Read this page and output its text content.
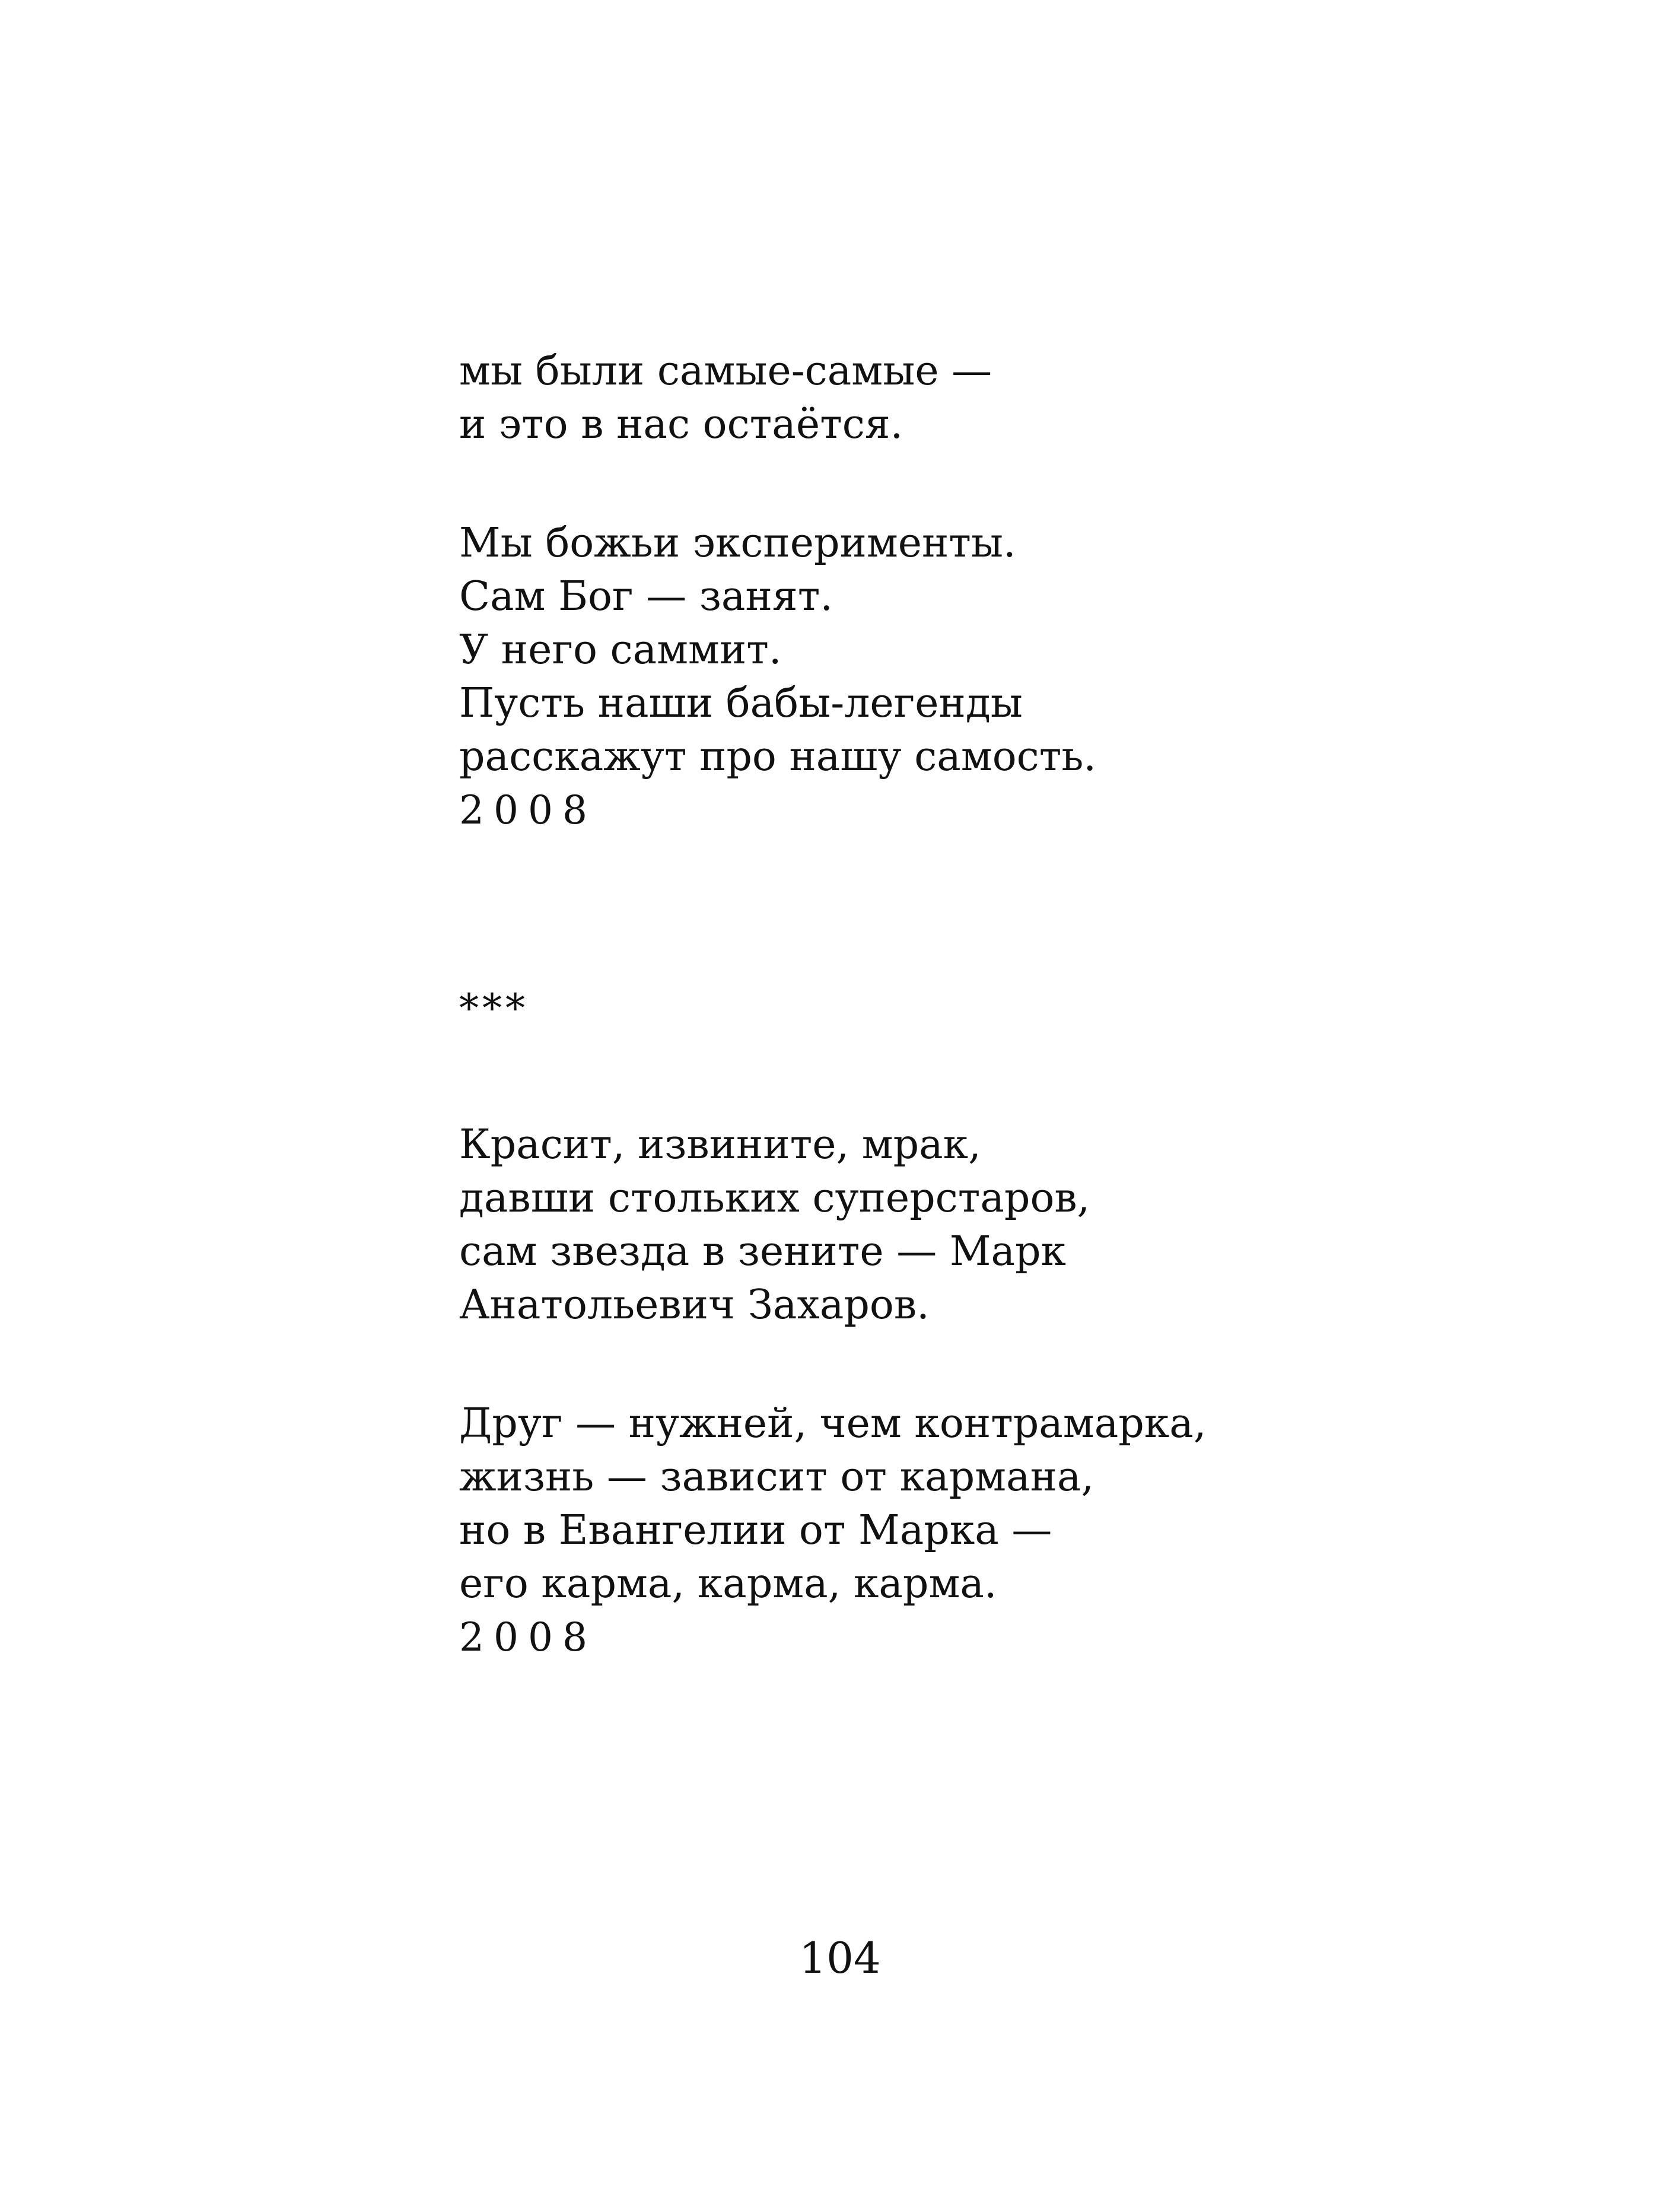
мы были самые-самые —
и это в нас остаётся.
Мы божьи эксперименты.
Сам Бог — занят.
У него саммит.
Пусть наши бабы-легенды
расскажут про нашу самость.
2008
***
Красит, извините, мрак,
давши стольких суперстаров,
сам звезда в зените — Марк
Анатольевич Захаров.
Друг — нужней, чем контрамарка,
жизнь — зависит от кармана,
но в Евангелии от Марка —
его карма, карма, карма.
2008
104
